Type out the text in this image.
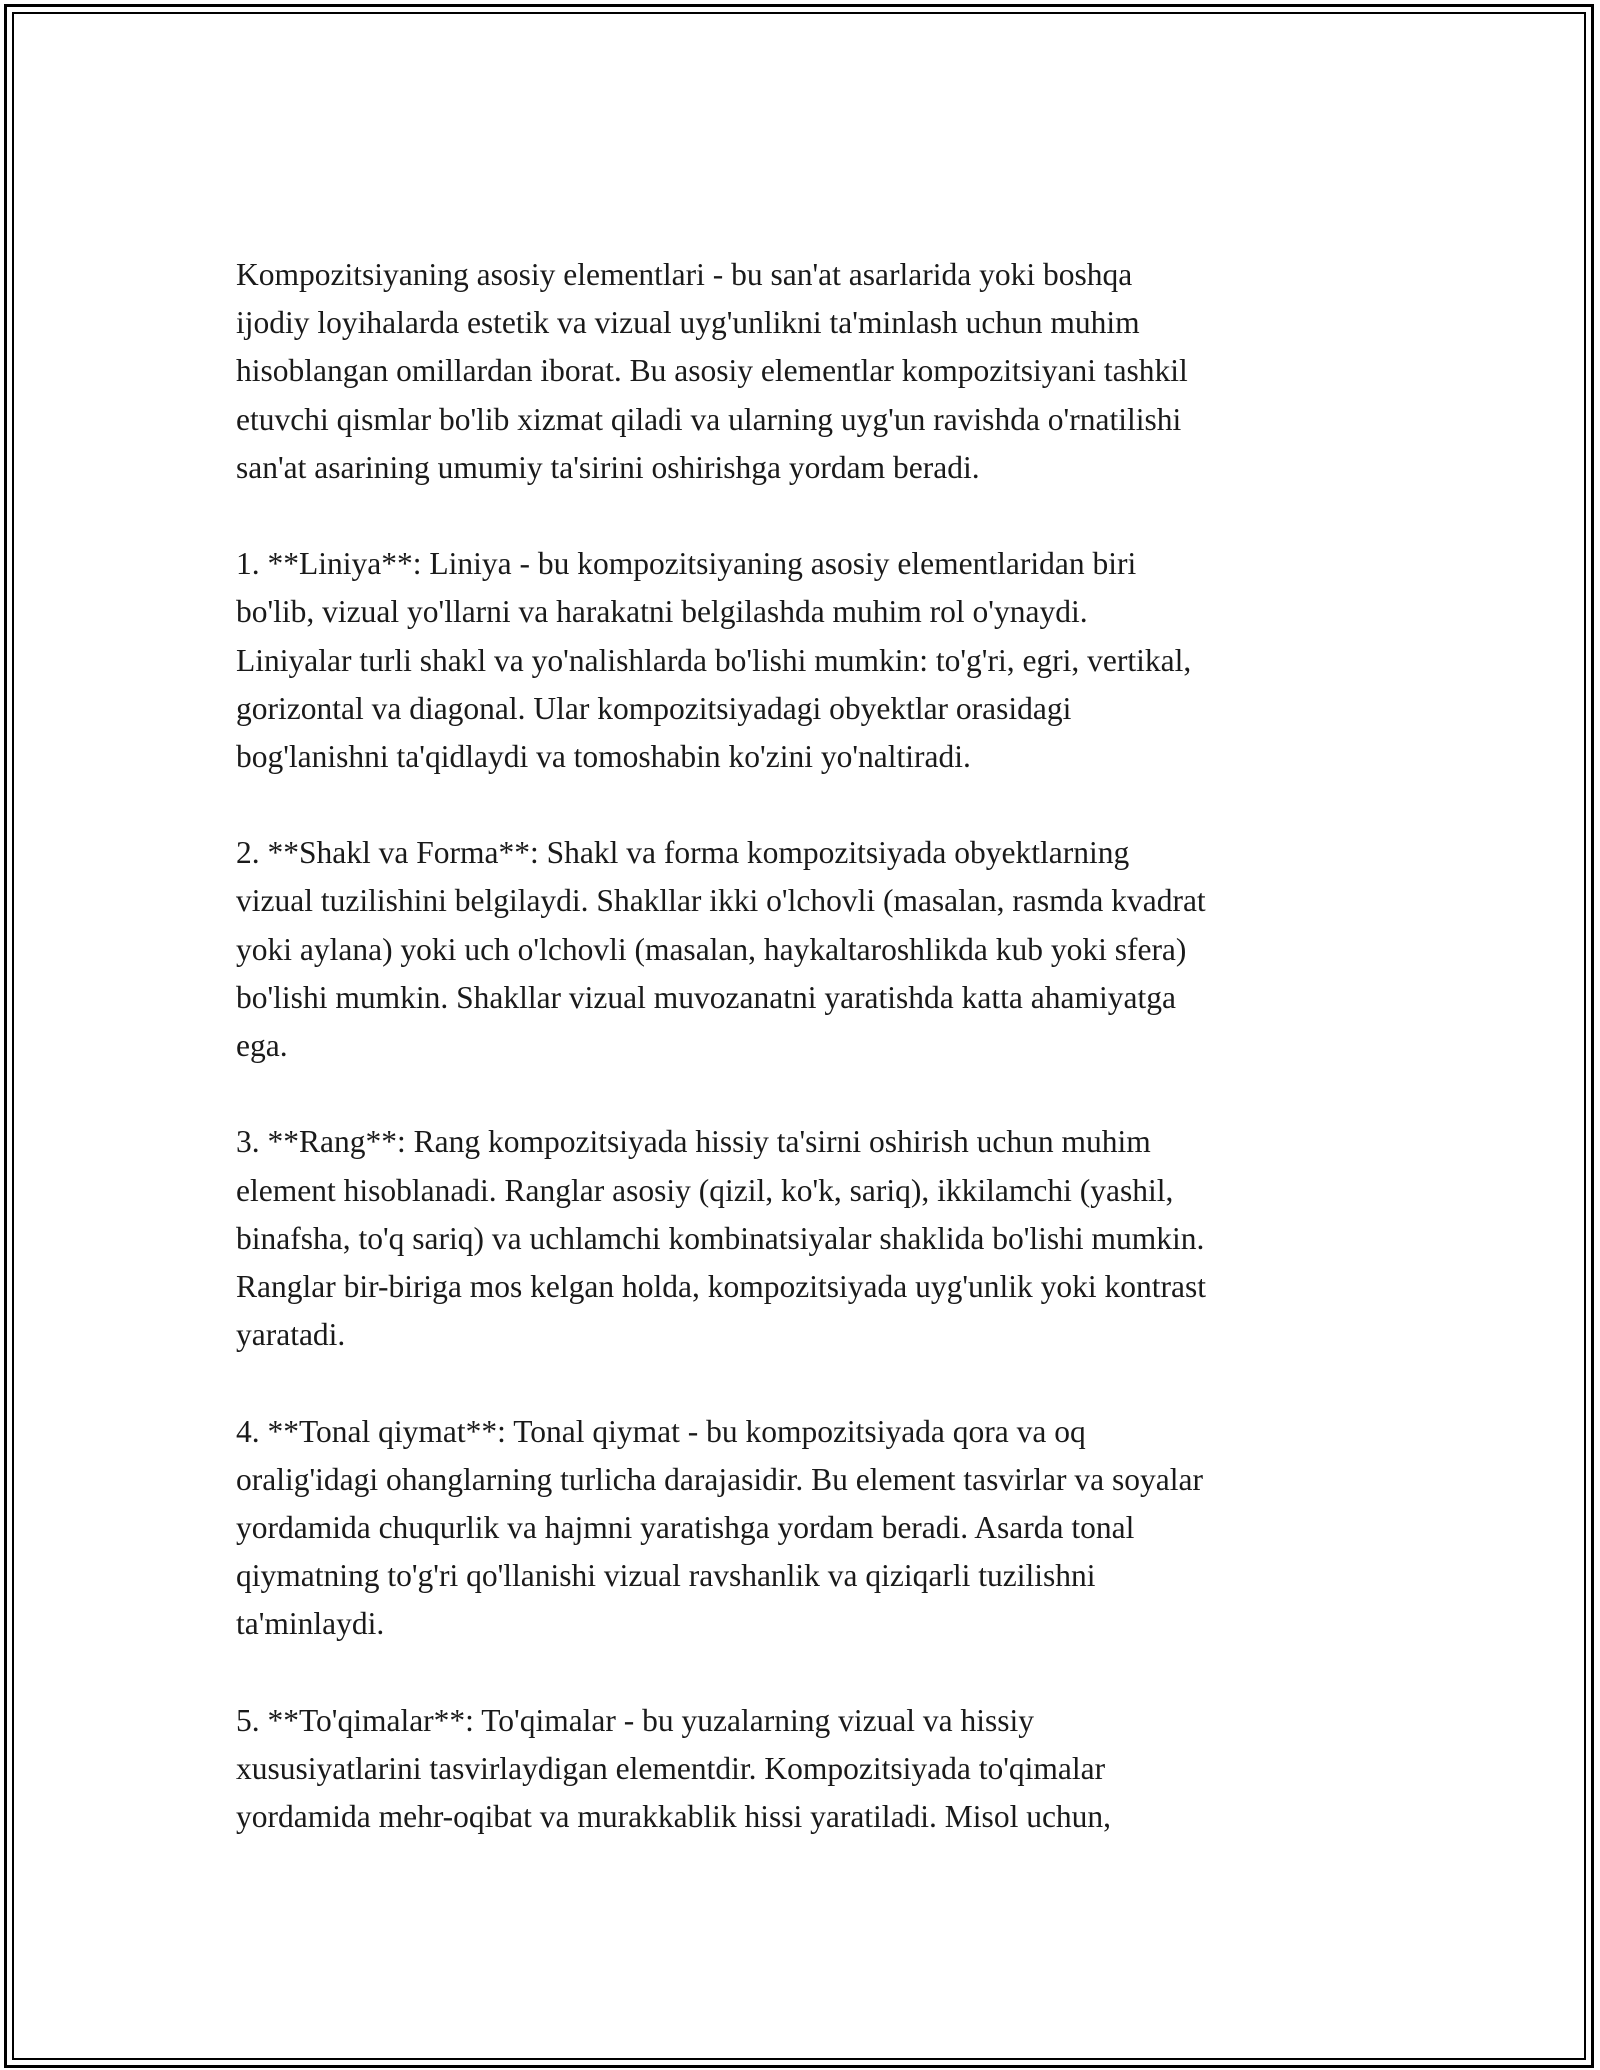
Kompozitsiyaning asosiy elementlari - bu san'at asarlarida yoki boshqa
ijodiy loyihalarda estetik va vizual uyg'unlikni ta'minlash uchun muhim
hisoblangan omillardan iborat. Bu asosiy elementlar kompozitsiyani tashkil
etuvchi qismlar bo'lib xizmat qiladi va ularning uyg'un ravishda o'rnatilishi
san'at asarining umumiy ta'sirini oshirishga yordam beradi.

1. **Liniya**: Liniya - bu kompozitsiyaning asosiy elementlaridan biri
bo'lib, vizual yo'llarni va harakatni belgilashda muhim rol o'ynaydi.
Liniyalar turli shakl va yo'nalishlarda bo'lishi mumkin: to'g'ri, egri, vertikal,
gorizontal va diagonal. Ular kompozitsiyadagi obyektlar orasidagi
bog'lanishni ta'qidlaydi va tomoshabin ko'zini yo'naltiradi.

2. **Shakl va Forma**: Shakl va forma kompozitsiyada obyektlarning
vizual tuzilishini belgilaydi. Shakllar ikki o'lchovli (masalan, rasmda kvadrat
yoki aylana) yoki uch o'lchovli (masalan, haykaltaroshlikda kub yoki sfera)
bo'lishi mumkin. Shakllar vizual muvozanatni yaratishda katta ahamiyatga
ega.

3. **Rang**: Rang kompozitsiyada hissiy ta'sirni oshirish uchun muhim
element hisoblanadi. Ranglar asosiy (qizil, ko'k, sariq), ikkilamchi (yashil,
binafsha, to'q sariq) va uchlamchi kombinatsiyalar shaklida bo'lishi mumkin.
Ranglar bir-biriga mos kelgan holda, kompozitsiyada uyg'unlik yoki kontrast
yaratadi.

4. **Tonal qiymat**: Tonal qiymat - bu kompozitsiyada qora va oq
oralig'idagi ohanglarning turlicha darajasidir. Bu element tasvirlar va soyalar
yordamida chuqurlik va hajmni yaratishga yordam beradi. Asarda tonal
qiymatning to'g'ri qo'llanishi vizual ravshanlik va qiziqarli tuzilishni
ta'minlaydi.

5. **To'qimalar**: To'qimalar - bu yuzalarning vizual va hissiy
xususiyatlarini tasvirlaydigan elementdir. Kompozitsiyada to'qimalar
yordamida mehr-oqibat va murakkablik hissi yaratiladi. Misol uchun,
